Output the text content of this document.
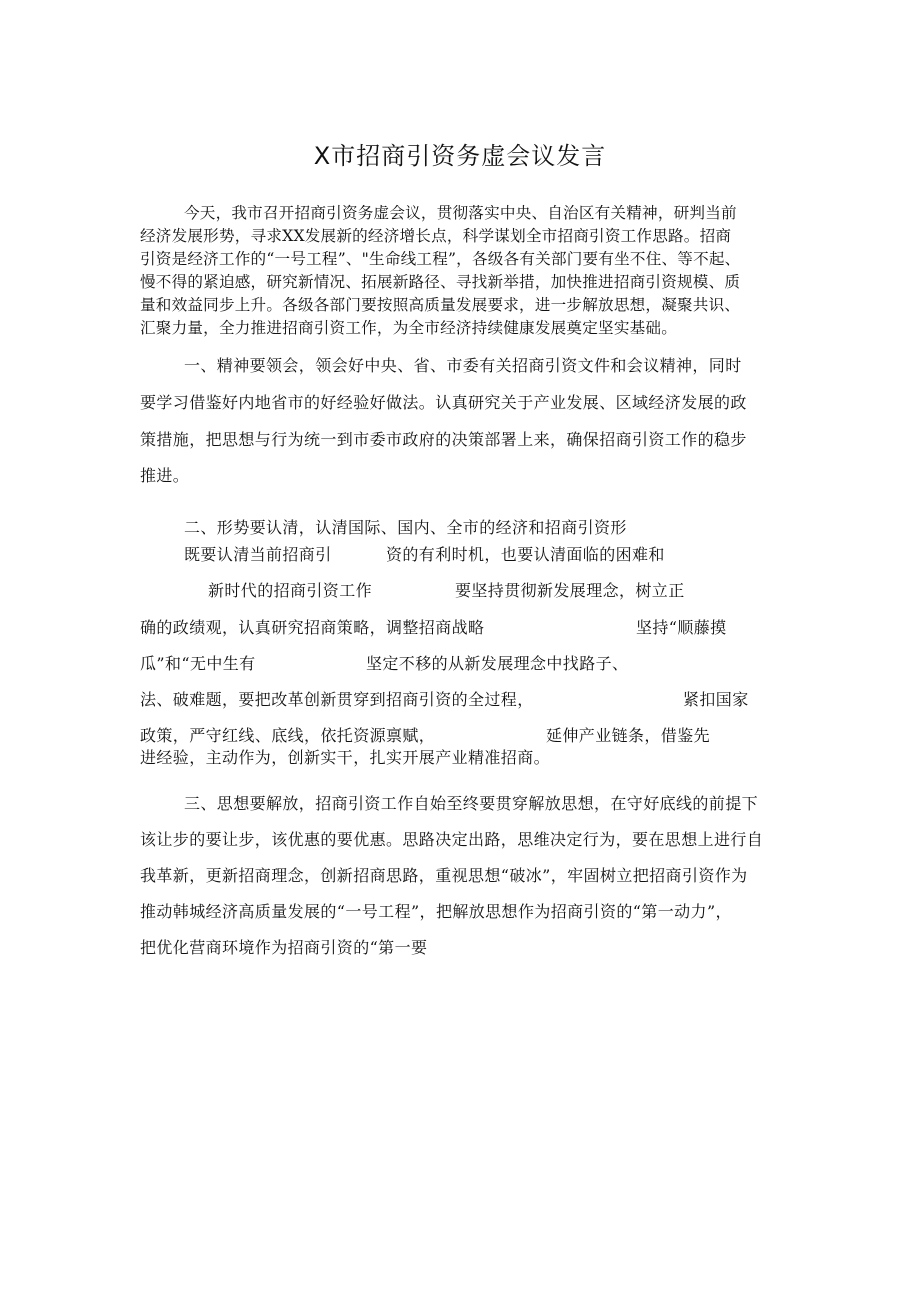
X市招商引资务虚会议发言
今天，我市召开招商引资务虚会议，贯彻落实中央、自治区有关精神，研判当前
经济发展形势，寻求XX发展新的经济增长点，科学谋划全市招商引资工作思路。招商
引资是经济工作的“一号工程”、"生命线工程”，各级各有关部门要有坐不住、等不起、
慢不得的紧迫感，研究新情况、拓展新路径、寻找新举措，加快推进招商引资规模、质
量和效益同步上升。各级各部门要按照高质量发展要求，进一步解放思想，凝聚共识、
汇聚力量，全力推进招商引资工作，为全市经济持续健康发展奠定坚实基础。
一、精神要领会，领会好中央、省、市委有关招商引资文件和会议精神，同时
要学习借鉴好内地省市的好经验好做法。认真研究关于产业发展、区域经济发展的政
策措施，把思想与行为统一到市委市政府的决策部署上来，确保招商引资工作的稳步
推进。
二、形势要认清，认清国际、国内、全市的经济和招商引资形
既要认清当前招商引	资的有利时机，也要认清面临的困难和
新时代的招商引资工作	要坚持贯彻新发展理念，树立正
确的政绩观，认真研究招商策略，调整招商战略	坚持“顺藤摸
瓜”和“无中生有	坚定不移的从新发展理念中找路子、
法、破难题，要把改革创新贯穿到招商引资的全过程，	紧扣国家
政策，严守红线、底线，依托资源禀赋，	延伸产业链条，借鉴先
进经验，主动作为，创新实干，扎实开展产业精准招商。
三、思想要解放，招商引资工作自始至终要贯穿解放思想，在守好底线的前提下
该让步的要让步，该优惠的要优惠。思路决定出路，思维决定行为，要在思想上进行自
我革新，更新招商理念，创新招商思路，重视思想“破冰”，牢固树立把招商引资作为
推动韩城经济高质量发展的“一号工程”，把解放思想作为招商引资的“第一动力”，
把优化营商环境作为招商引资的“第一要
